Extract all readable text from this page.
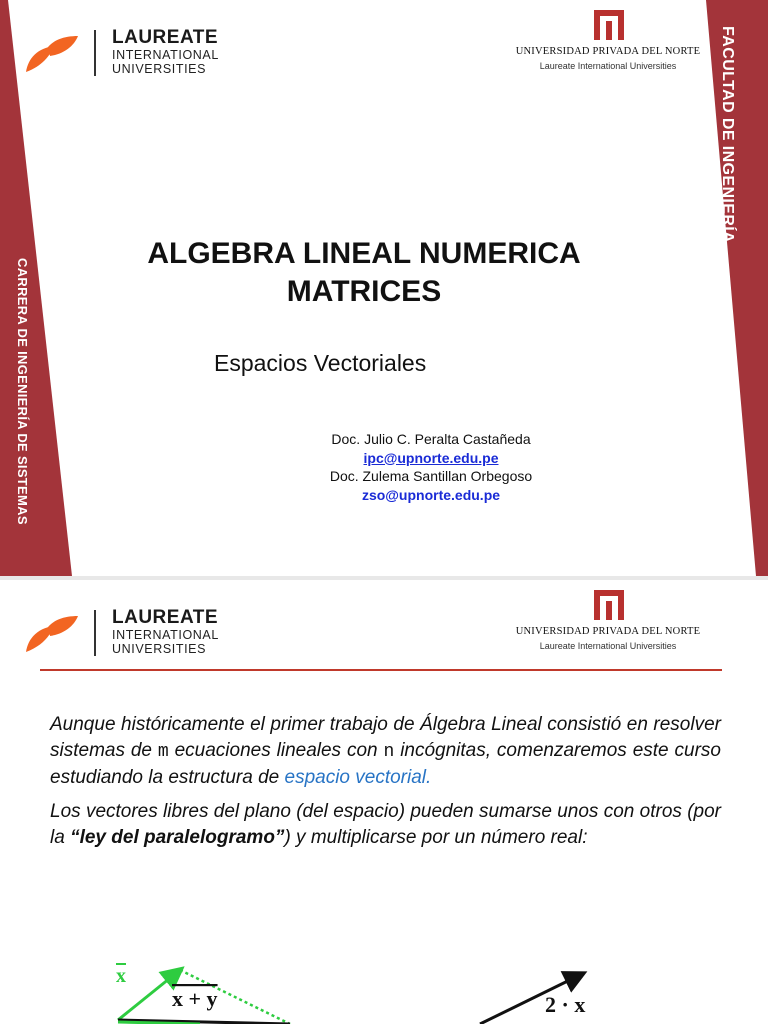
CARRERA DE INGENIERÍA DE SISTEMAS
FACULTAD DE INGENIERÍA
LAUREATE
INTERNATIONAL
UNIVERSITIES
UNIVERSIDAD PRIVADA DEL NORTE
Laureate International Universities
ALGEBRA LINEAL NUMERICA
MATRICES
Espacios Vectoriales
Doc. Julio C. Peralta Castañeda
ipc@upnorte.edu.pe
Doc. Zulema Santillan Orbegoso
zso@upnorte.edu.pe
LAUREATE
INTERNATIONAL
UNIVERSITIES
UNIVERSIDAD PRIVADA DEL NORTE
Laureate International Universities

Aunque históricamente el primer trabajo de Álgebra Lineal consistió en resolver sistemas de m ecuaciones lineales con n incógnitas, comenzaremos este curso estudiando la estructura de espacio vectorial.

Los vectores libres del plano (del espacio) pueden sumarse unos con otros (por la “ley del paralelogramo”) y multiplicarse por un número real:

x
x + y	2 · x
